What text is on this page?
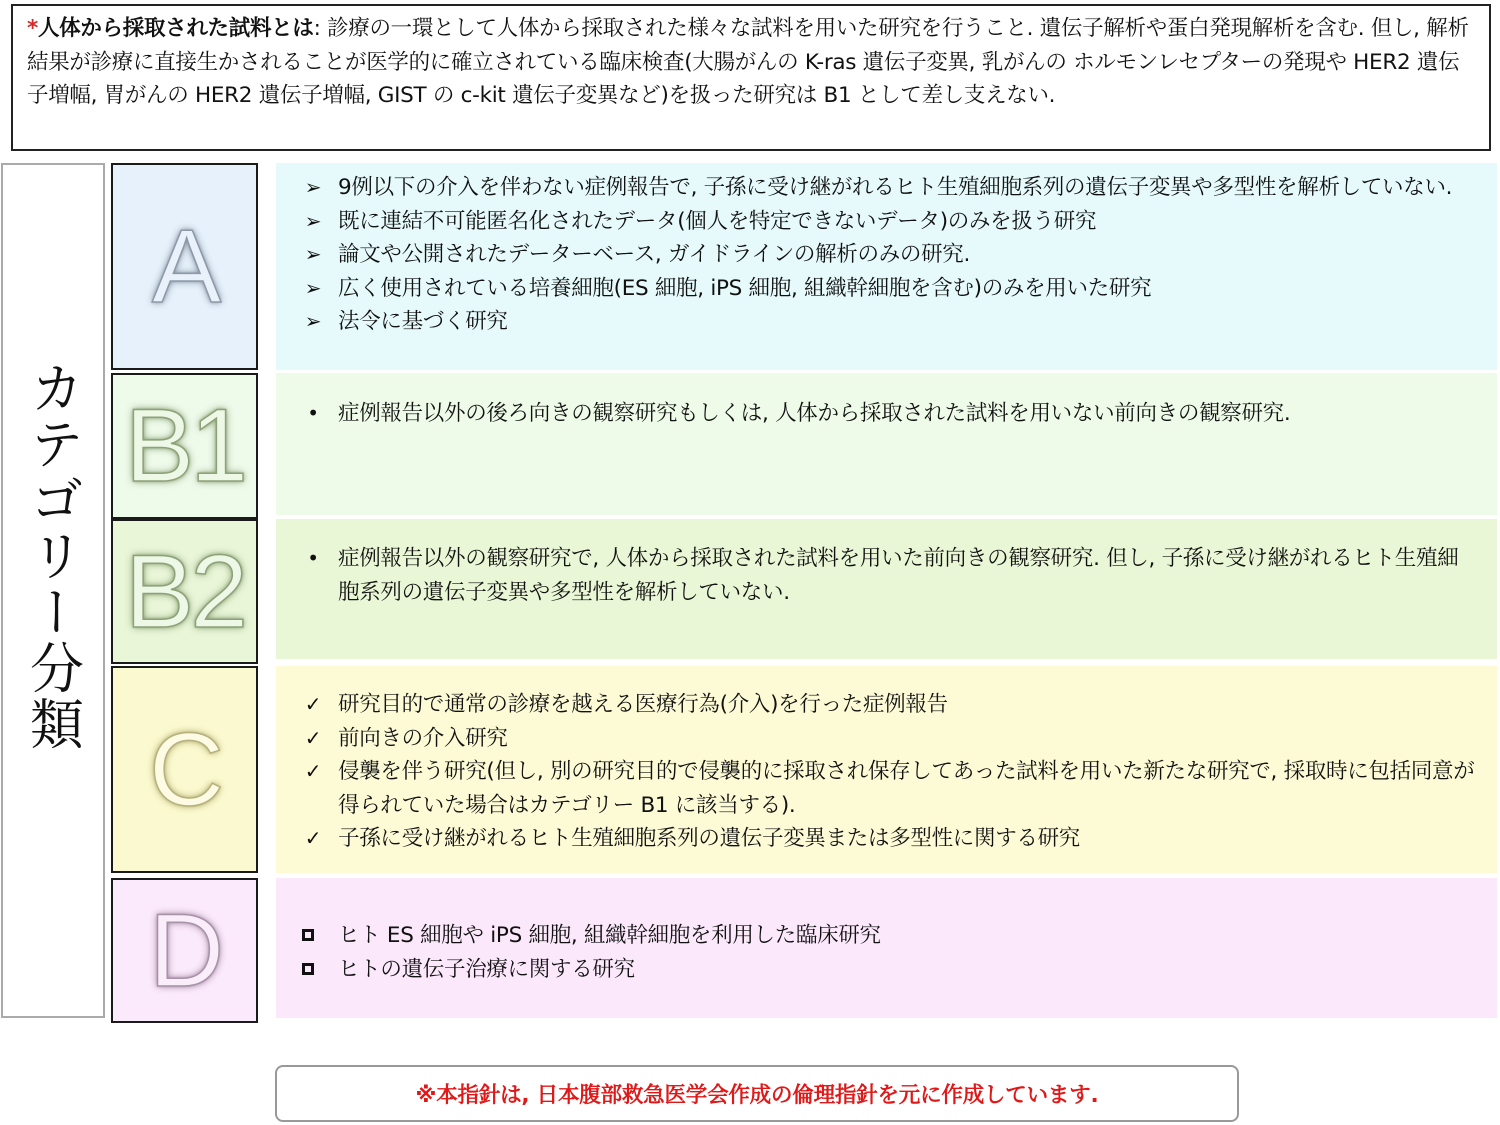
*人体から採取された試料とは: 診療の一環として人体から採取された様々な試料を用いた研究を行うこと. 遺伝子解析や蛋白発現解析を含む. 但し, 解析結果が診療に直接生かされることが医学的に確立されている臨床検査(大腸がんの K-ras 遺伝子変異, 乳がんの ホルモンレセプターの発現や HER2 遺伝子増幅, 胃がんの HER2 遺伝子増幅, GIST の c-kit 遺伝子変異など)を扱った研究は B1 として差し支えない.
カテゴリー分類
A
B1
B2
C
D
➢ 9例以下の介入を伴わない症例報告で, 子孫に受け継がれるヒト生殖細胞系列の遺伝子変異や多型性を解析していない.
➢ 既に連結不可能匿名化されたデータ(個人を特定できないデータ)のみを扱う研究
➢ 論文や公開されたデーターベース, ガイドラインの解析のみの研究.
➢ 広く使用されている培養細胞(ES 細胞, iPS 細胞, 組織幹細胞を含む)のみを用いた研究
➢ 法令に基づく研究
• 症例報告以外の後ろ向きの観察研究もしくは, 人体から採取された試料を用いない前向きの観察研究.
• 症例報告以外の観察研究で, 人体から採取された試料を用いた前向きの観察研究. 但し, 子孫に受け継がれるヒト生殖細胞系列の遺伝子変異や多型性を解析していない.
✓ 研究目的で通常の診療を越える医療行為(介入)を行った症例報告
✓ 前向きの介入研究
✓ 侵襲を伴う研究(但し, 別の研究目的で侵襲的に採取され保存してあった試料を用いた新たな研究で, 採取時に包括同意が得られていた場合はカテゴリー B1 に該当する).
✓ 子孫に受け継がれるヒト生殖細胞系列の遺伝子変異または多型性に関する研究
ヒト ES 細胞や iPS 細胞, 組織幹細胞を利用した臨床研究
ヒトの遺伝子治療に関する研究
※本指針は, 日本腹部救急医学会作成の倫理指針を元に作成しています.
